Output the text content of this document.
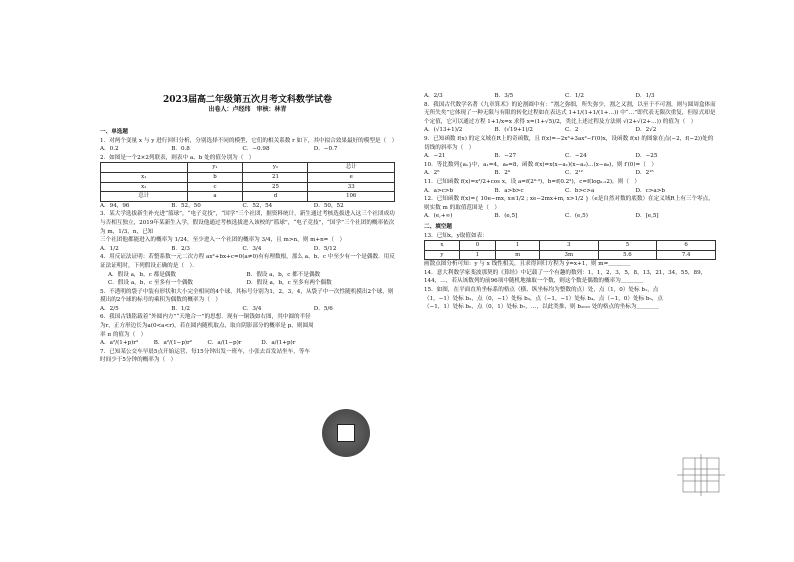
2023届高二年级第五次月考文科数学试卷
出卷人：卢经纬　审核：林青
一、单选题

1．对两个变量 x 与 y 进行回归分析，分别选择不同的模型，它们的相关系数 r 如下，其中拟合效果最好的模型是（　）

A．0.2	B．0.8	C．−0.98	D．−0.7

2．如图是一个2×2列联表，则表中 a、b 处的值分别为（　）

	y₁	y₂	总计
x₁	b	21	e
x₂	c	25	33
总计	a	d	106
A．94，96	B．52，50	C．52，54	D．50，52

3．某大学选拔新生补充进“篮球”，“电子竞技”，“国学”三个社团，据资料统计，新生通过考核选拔进入这三个社团成功与否相互独立，2019年某新生入学，假设他通过考核选拔进入该校的“篮球”，“电子竞技”，“国学”三个社团的概率依次为 m，1/3，n，已知

三个社团他都能进入的概率为 1/24，至少进入一个社团的概率为 3/4，且 m>n，则 m+n=（　）

A．1/2	B．2/3	C．3/4	D．5/12

4．用反证法证明：若整系数一元二次方程 ax²+bx+c=0(a≠0)有有理数根，那么 a、b、c 中至少有一个是偶数．用反证法证明时，下列假设正确的是（　）．

A．假设 a，b，c 都是偶数	B．假设 a，b，c 都不是偶数
C．假设 a，b，c 至多有一个偶数	D．假设 a，b，c 至多有两个偶数

5．不透明的袋子中装有形状和大小完全相同的4个球，其标号分别为1，2，3，4，从袋子中一次性随机摸出2个球，则摸出的2个球的标号的乘积为偶数的概率为（　）

A．2/5	B．1/2	C．3/4	D．5/6

6．我国古钱铭载着“外圆内方”“天地合一”的思想．现有一铜钱如右图，其中圆的半径为r，正方形边长为a(0<a<r)，若在圆内随机取点，取自阴影部分的概率是 p，则圆周率 π 的值为（　）

A．a²/(1+p)r²	B．a²/(1−p)r²	C．a/(1−p)r	D．a/(1+p)r

7．已知某公交车早晨5点开始运营，每15分钟出发一班车，小张去首发站坐车，等车时间少于5分钟的概率为（　）

A．2/3	B．3/5	C．1/2	D．1/3

8．我国古代数学名著《九章算术》的论割圆中有：“割之弥细，所失弥少，割之又割，以至于不可割，则与圆周盒体而无所失矣”它体现了一种无限与有限的转化过程如在表达式 1+1/(1+1/(1+…)) 中“…”即代表无限次重复，但原式却是个定值，它可以通过方程 1+1/x=x 求得 x=(1+√5)/2，类比上述过程及方法则 √(2+√(2+…)) 的值为（　）

A．(√13+1)/2	B．(√19+1)/2	C．2	D．2√2

9．已知函数 f(x) 的定义域在R上的奇函数，且 f(x)=−2x³+3ax²−f′(0)x，设函数 f(x) 的图象在点(−2，f(−2))处的切线的斜率为（　）

A．−21	B．−27	C．−24	D．−25

10．等比数列{aₙ}中，a₁=4，a₈=8，函数 f(x)=x(x−a₁)(x−a₂)…(x−a₈)，则 f′(0)=（　）

A．2⁶	B．2⁹	C．2¹²	D．2¹⁵

11．已知函数 f(x)=x²/2+cos x，设 a=f(2⁰·³)，b=f(0.2²)，c=f(log₀.₂2)，则（　）

A．a>c>b	B．a>b>c	C．b>c>a	D．c>a>b

12．已知函数 f(x)={ 10e−mx, x≤1/2 ; xe−2mx+m, x>1/2 }（e是自然对数的底数）在定义域R上有三个零点，则实数 m 的取值范围是（　）

A．(e,+∞)	B．(e,5]	C．(e,5)	D．[e,5]
二、填空题

13．已知x，y取值如表：

x	0	1	3	5	6
y	1	m	3m	5.6	7.4

画散点图分析可知：y 与 x 线性相关，且求得回归方程为 ŷ=x+1，则 m=＿＿＿＿

14．意大利数学家斐波那契的《算经》中记载了一个有趣的数列：1，1，2，3，5，8，13，21，34，55，89，144，…，若从该数列的前96项中随机地抽取一个数，则这个数是偶数的概率为＿＿＿＿

15．如图，在平面直角坐标系的格点（横、纵坐标均为整数的点）处，点（1，0）处标 b₁，点（1，−1）处标 b₂，点（0，−1）处标 b₃，点（−1，−1）处标 b₄，点（−1，0）处标 b₅，点（−1，1）处标 b₆，点（0，1）处标 b₇，…，以此类推，则 b₂₀₂₃ 处的格点的坐标为＿＿＿＿
